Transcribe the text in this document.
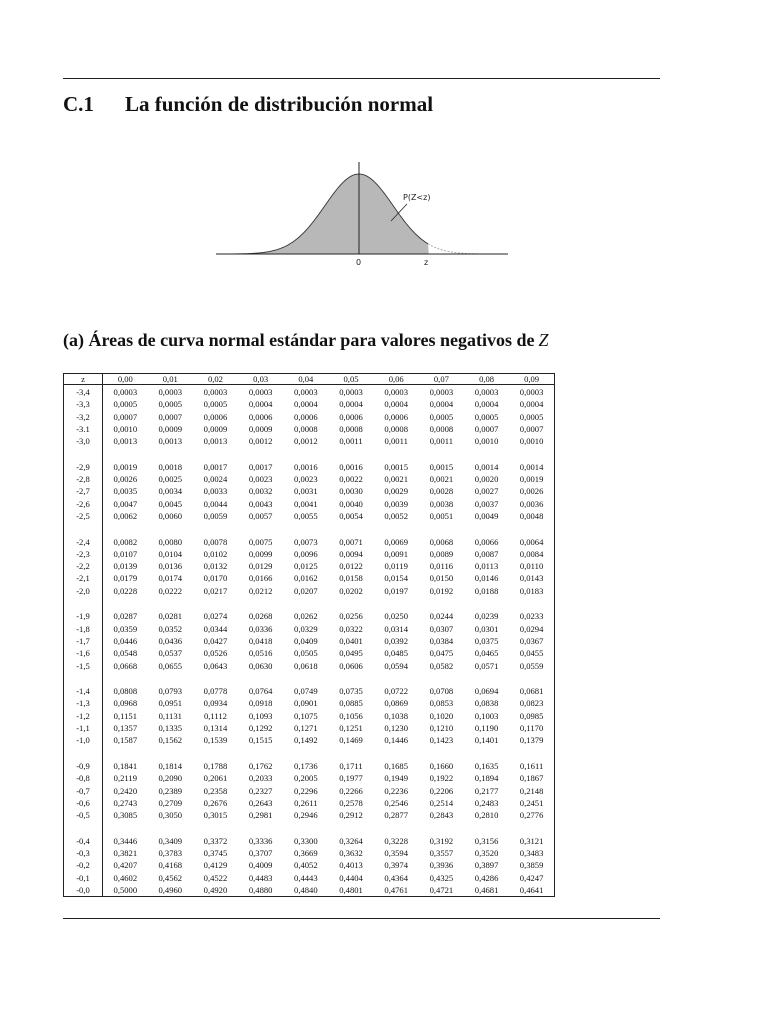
C.1 La función de distribución normal
P(Z<z)
0	z
(a) Áreas de curva normal estándar para valores negativos de Z
z	0,00	0,01	0,02	0,03	0,04	0,05	0,06	0,07	0,08	0,09
-3,4	0,0003	0,0003	0,0003	0,0003	0,0003	0,0003	0,0003	0,0003	0,0003	0,0003
-3,3	0,0005	0,0005	0,0005	0,0004	0,0004	0,0004	0,0004	0,0004	0,0004	0,0004
-3,2	0,0007	0,0007	0,0006	0,0006	0,0006	0,0006	0,0006	0,0005	0,0005	0,0005
-3.1	0,0010	0,0009	0,0009	0,0009	0,0008	0,0008	0,0008	0,0008	0,0007	0,0007
-3,0	0,0013	0,0013	0,0013	0,0012	0,0012	0,0011	0,0011	0,0011	0,0010	0,0010

-2,9	0,0019	0,0018	0,0017	0,0017	0,0016	0,0016	0,0015	0,0015	0,0014	0,0014
-2,8	0,0026	0,0025	0,0024	0,0023	0,0023	0,0022	0,0021	0,0021	0,0020	0,0019
-2,7	0,0035	0,0034	0,0033	0,0032	0,0031	0,0030	0,0029	0,0028	0,0027	0,0026
-2,6	0,0047	0,0045	0,0044	0,0043	0,0041	0,0040	0,0039	0,0038	0,0037	0,0036
-2,5	0,0062	0,0060	0,0059	0,0057	0,0055	0,0054	0,0052	0,0051	0,0049	0,0048

-2,4	0,0082	0,0080	0,0078	0,0075	0,0073	0,0071	0,0069	0,0068	0,0066	0,0064
-2,3	0,0107	0,0104	0,0102	0,0099	0,0096	0,0094	0,0091	0,0089	0,0087	0,0084
-2,2	0,0139	0,0136	0,0132	0,0129	0,0125	0,0122	0,0119	0,0116	0,0113	0,0110
-2,1	0,0179	0,0174	0,0170	0,0166	0,0162	0,0158	0,0154	0,0150	0,0146	0,0143
-2,0	0,0228	0,0222	0,0217	0,0212	0,0207	0,0202	0,0197	0,0192	0,0188	0,0183

-1,9	0,0287	0,0281	0,0274	0,0268	0,0262	0,0256	0,0250	0,0244	0,0239	0,0233
-1,8	0,0359	0,0352	0,0344	0,0336	0,0329	0,0322	0,0314	0,0307	0,0301	0,0294
-1,7	0,0446	0,0436	0,0427	0,0418	0,0409	0,0401	0,0392	0,0384	0,0375	0,0367
-1,6	0,0548	0,0537	0,0526	0,0516	0,0505	0,0495	0,0485	0,0475	0,0465	0,0455
-1,5	0,0668	0,0655	0,0643	0,0630	0,0618	0,0606	0,0594	0,0582	0,0571	0,0559

-1,4	0,0808	0,0793	0,0778	0,0764	0,0749	0,0735	0,0722	0,0708	0,0694	0,0681
-1,3	0,0968	0,0951	0,0934	0,0918	0,0901	0,0885	0,0869	0,0853	0,0838	0,0823
-1,2	0,1151	0,1131	0,1112	0,1093	0,1075	0,1056	0,1038	0,1020	0,1003	0,0985
-1,1	0,1357	0,1335	0,1314	0,1292	0,1271	0,1251	0,1230	0,1210	0,1190	0,1170
-1,0	0,1587	0,1562	0,1539	0,1515	0,1492	0,1469	0,1446	0,1423	0,1401	0,1379

-0,9	0,1841	0,1814	0,1788	0,1762	0,1736	0,1711	0,1685	0,1660	0,1635	0,1611
-0,8	0,2119	0,2090	0,2061	0,2033	0,2005	0,1977	0,1949	0,1922	0,1894	0,1867
-0,7	0,2420	0,2389	0,2358	0,2327	0,2296	0,2266	0,2236	0,2206	0,2177	0,2148
-0,6	0,2743	0,2709	0,2676	0,2643	0,2611	0,2578	0,2546	0,2514	0,2483	0,2451
-0,5	0,3085	0,3050	0,3015	0,2981	0,2946	0,2912	0,2877	0,2843	0,2810	0,2776

-0,4	0,3446	0,3409	0,3372	0,3336	0,3300	0,3264	0,3228	0,3192	0,3156	0,3121
-0,3	0,3821	0,3783	0,3745	0,3707	0,3669	0,3632	0,3594	0,3557	0,3520	0,3483
-0,2	0,4207	0,4168	0,4129	0,4009	0,4052	0,4013	0,3974	0,3936	0,3897	0,3859
-0,1	0,4602	0,4562	0,4522	0,4483	0,4443	0,4404	0,4364	0,4325	0,4286	0,4247
-0,0	0,5000	0,4960	0,4920	0,4880	0,4840	0,4801	0,4761	0,4721	0,4681	0,4641
